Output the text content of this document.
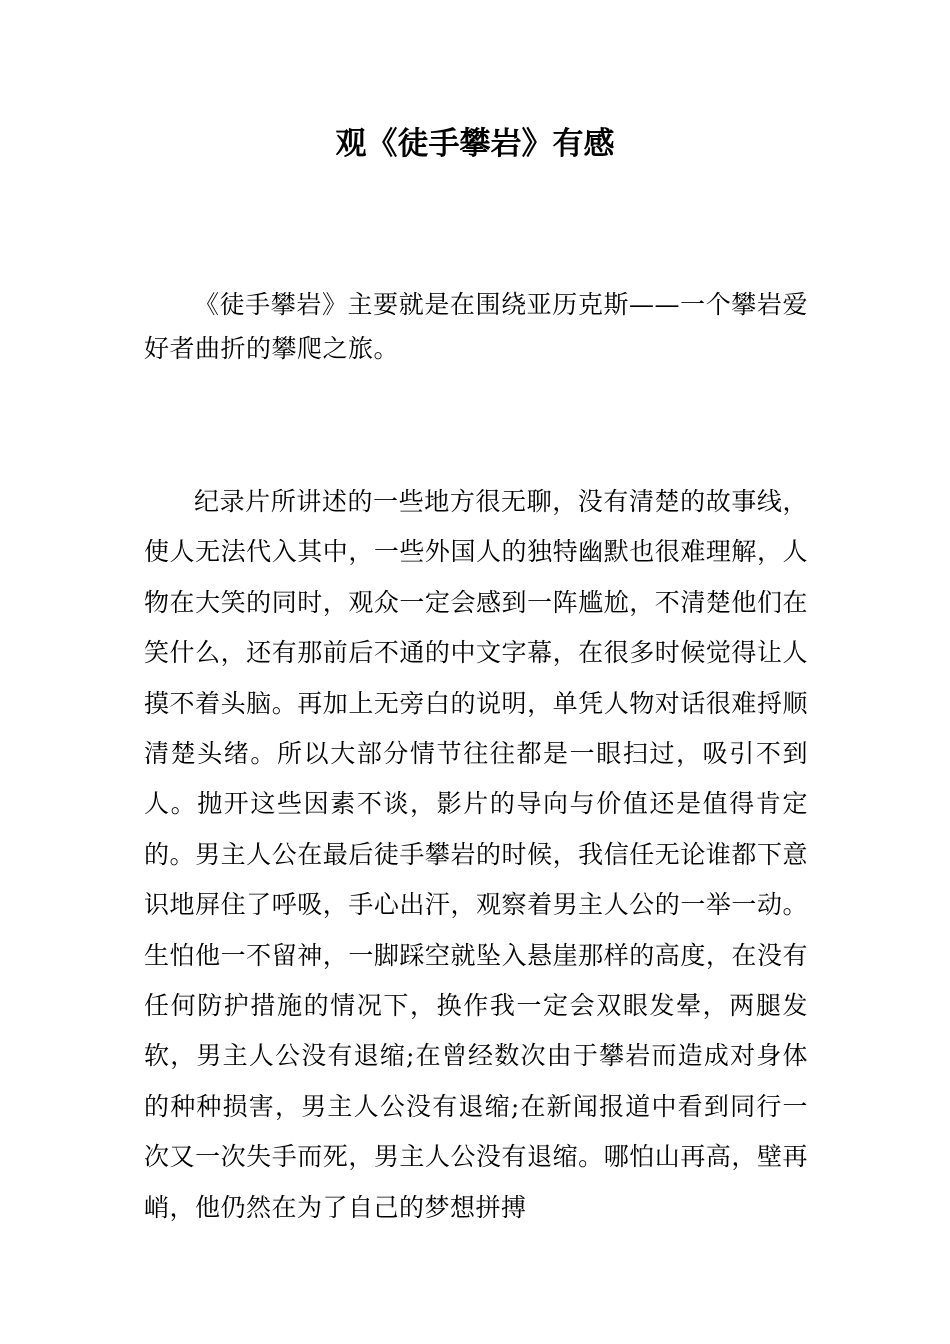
观《徒手攀岩》有感

《徒手攀岩》主要就是在围绕亚历克斯——一个攀岩爱好者曲折的攀爬之旅。

纪录片所讲述的一些地方很无聊，没有清楚的故事线，使人无法代入其中，一些外国人的独特幽默也很难理解，人物在大笑的同时，观众一定会感到一阵尴尬，不清楚他们在笑什么，还有那前后不通的中文字幕，在很多时候觉得让人摸不着头脑。再加上无旁白的说明，单凭人物对话很难捋顺清楚头绪。所以大部分情节往往都是一眼扫过，吸引不到人。抛开这些因素不谈，影片的导向与价值还是值得肯定的。男主人公在最后徒手攀岩的时候，我信任无论谁都下意识地屏住了呼吸，手心出汗，观察着男主人公的一举一动。生怕他一不留神，一脚踩空就坠入悬崖那样的高度，在没有任何防护措施的情况下，换作我一定会双眼发晕，两腿发软，男主人公没有退缩;在曾经数次由于攀岩而造成对身体的种种损害，男主人公没有退缩;在新闻报道中看到同行一次又一次失手而死，男主人公没有退缩。哪怕山再高，壁再峭，他仍然在为了自己的梦想拼搏
